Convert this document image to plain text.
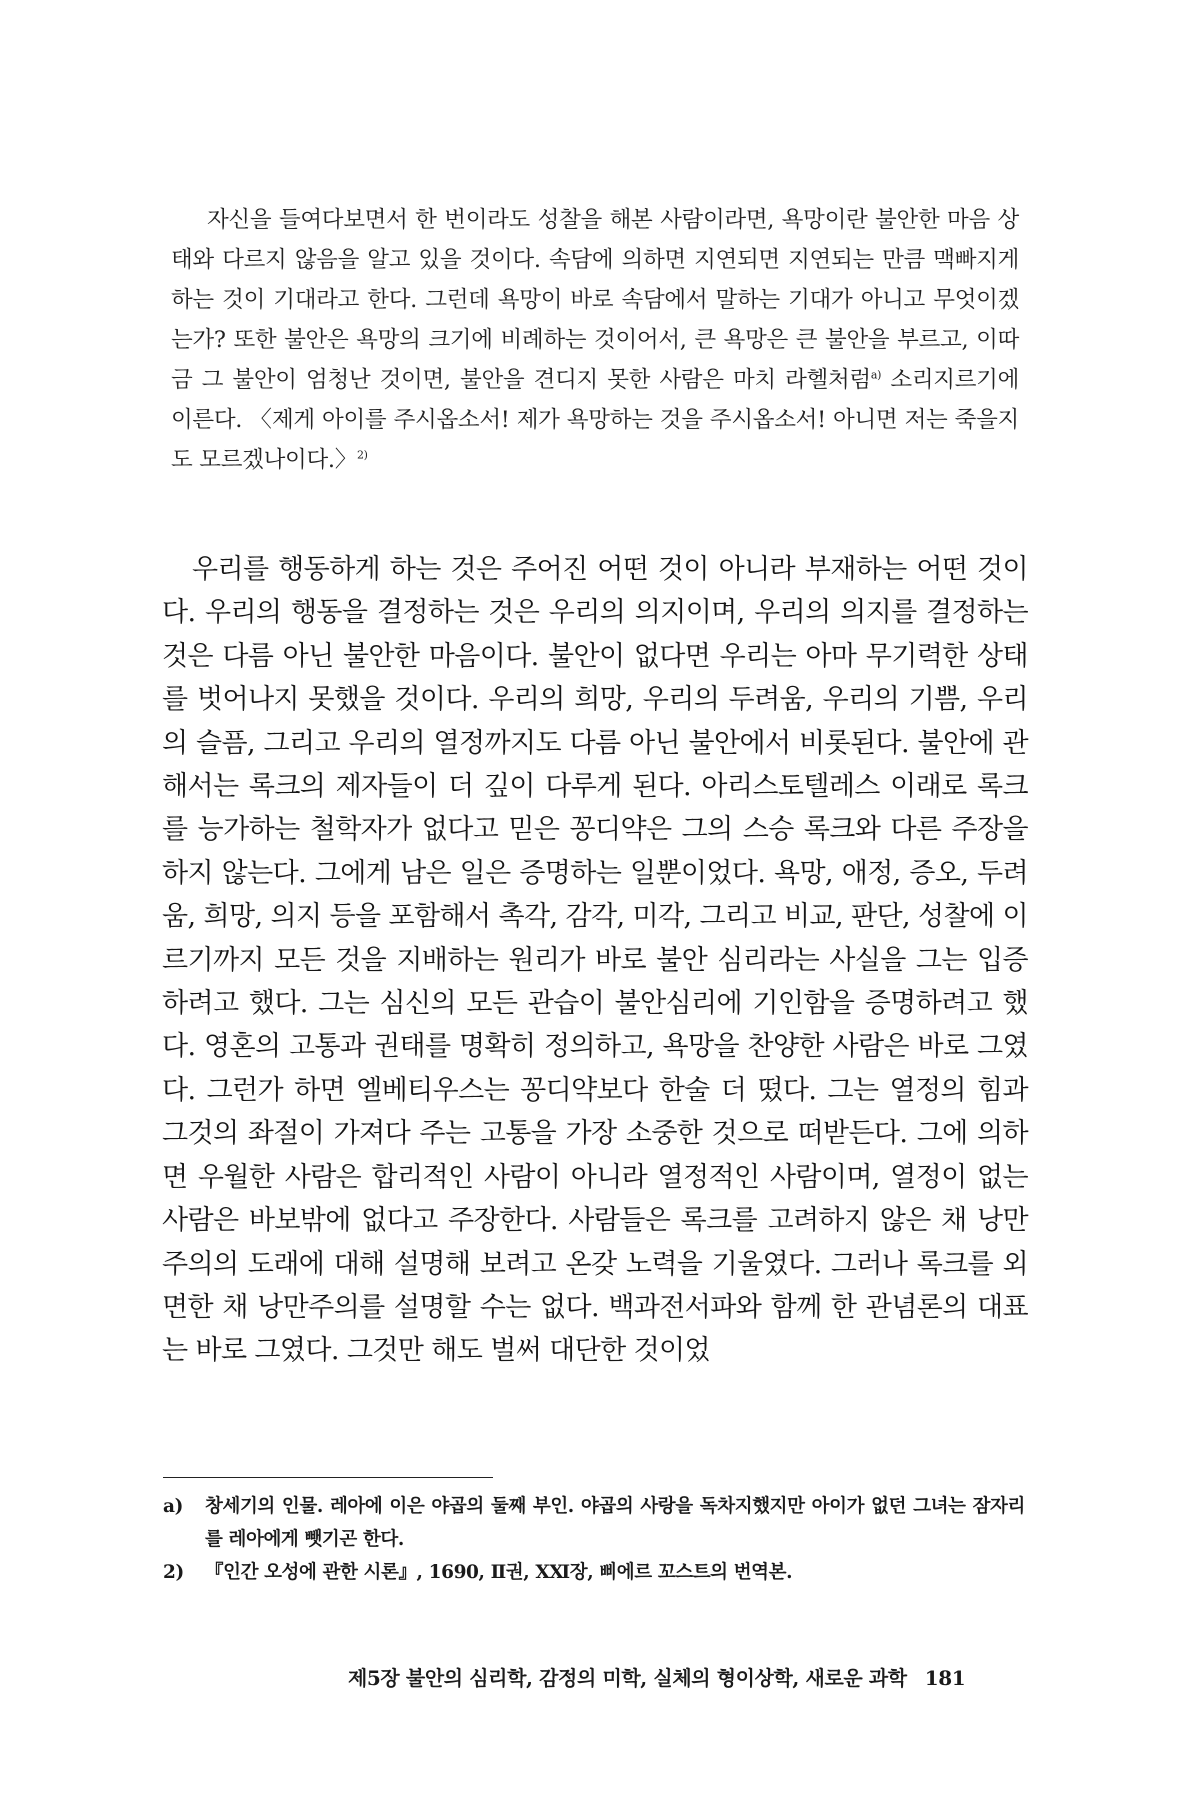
자신을 들여다보면서 한 번이라도 성찰을 해본 사람이라면, 욕망이란 불안한 마음 상태와 다르지 않음을 알고 있을 것이다. 속담에 의하면 지연되면 지연되는 만큼 맥빠지게 하는 것이 기대라고 한다. 그런데 욕망이 바로 속담에서 말하는 기대가 아니고 무엇이겠는가? 또한 불안은 욕망의 크기에 비례하는 것이어서, 큰 욕망은 큰 불안을 부르고, 이따금 그 불안이 엄청난 것이면, 불안을 견디지 못한 사람은 마치 라헬처럼$^{a)}$ 소리지르기에 이른다. 〈제게 아이를 주시옵소서! 제가 욕망하는 것을 주시옵소서! 아니면 저는 죽을지도 모르겠나이다.〉$^{2)}$

우리를 행동하게 하는 것은 주어진 어떤 것이 아니라 부재하는 어떤 것이다. 우리의 행동을 결정하는 것은 우리의 의지이며, 우리의 의지를 결정하는 것은 다름 아닌 불안한 마음이다. 불안이 없다면 우리는 아마 무기력한 상태를 벗어나지 못했을 것이다. 우리의 희망, 우리의 두려움, 우리의 기쁨, 우리의 슬픔, 그리고 우리의 열정까지도 다름 아닌 불안에서 비롯된다. 불안에 관해서는 록크의 제자들이 더 깊이 다루게 된다. 아리스토텔레스 이래로 록크를 능가하는 철학자가 없다고 믿은 꽁디약은 그의 스승 록크와 다른 주장을 하지 않는다. 그에게 남은 일은 증명하는 일뿐이었다. 욕망, 애정, 증오, 두려움, 희망, 의지 등을 포함해서 촉각, 감각, 미각, 그리고 비교, 판단, 성찰에 이르기까지 모든 것을 지배하는 원리가 바로 불안 심리라는 사실을 그는 입증하려고 했다. 그는 심신의 모든 관습이 불안심리에 기인함을 증명하려고 했다. 영혼의 고통과 권태를 명확히 정의하고, 욕망을 찬양한 사람은 바로 그였다. 그런가 하면 엘베티우스는 꽁디약보다 한술 더 떴다. 그는 열정의 힘과 그것의 좌절이 가져다 주는 고통을 가장 소중한 것으로 떠받든다. 그에 의하면 우월한 사람은 합리적인 사람이 아니라 열정적인 사람이며, 열정이 없는 사람은 바보밖에 없다고 주장한다. 사람들은 록크를 고려하지 않은 채 낭만주의의 도래에 대해 설명해 보려고 온갖 노력을 기울였다. 그러나 록크를 외면한 채 낭만주의를 설명할 수는 없다. 백과전서파와 함께 한 관념론의 대표는 바로 그였다. 그것만 해도 벌써 대단한 것이었

a) 창세기의 인물. 레아에 이은 야곱의 둘째 부인. 야곱의 사랑을 독차지했지만 아이가 없던 그녀는 잠자리를 레아에게 뺏기곤 한다.

2) 『인간 오성에 관한 시론』, 1690, Ⅱ권, ⅩⅪ장, 삐에르 꼬스트의 번역본.

제5장 불안의 심리학, 감정의 미학, 실체의 형이상학, 새로운 과학 181
